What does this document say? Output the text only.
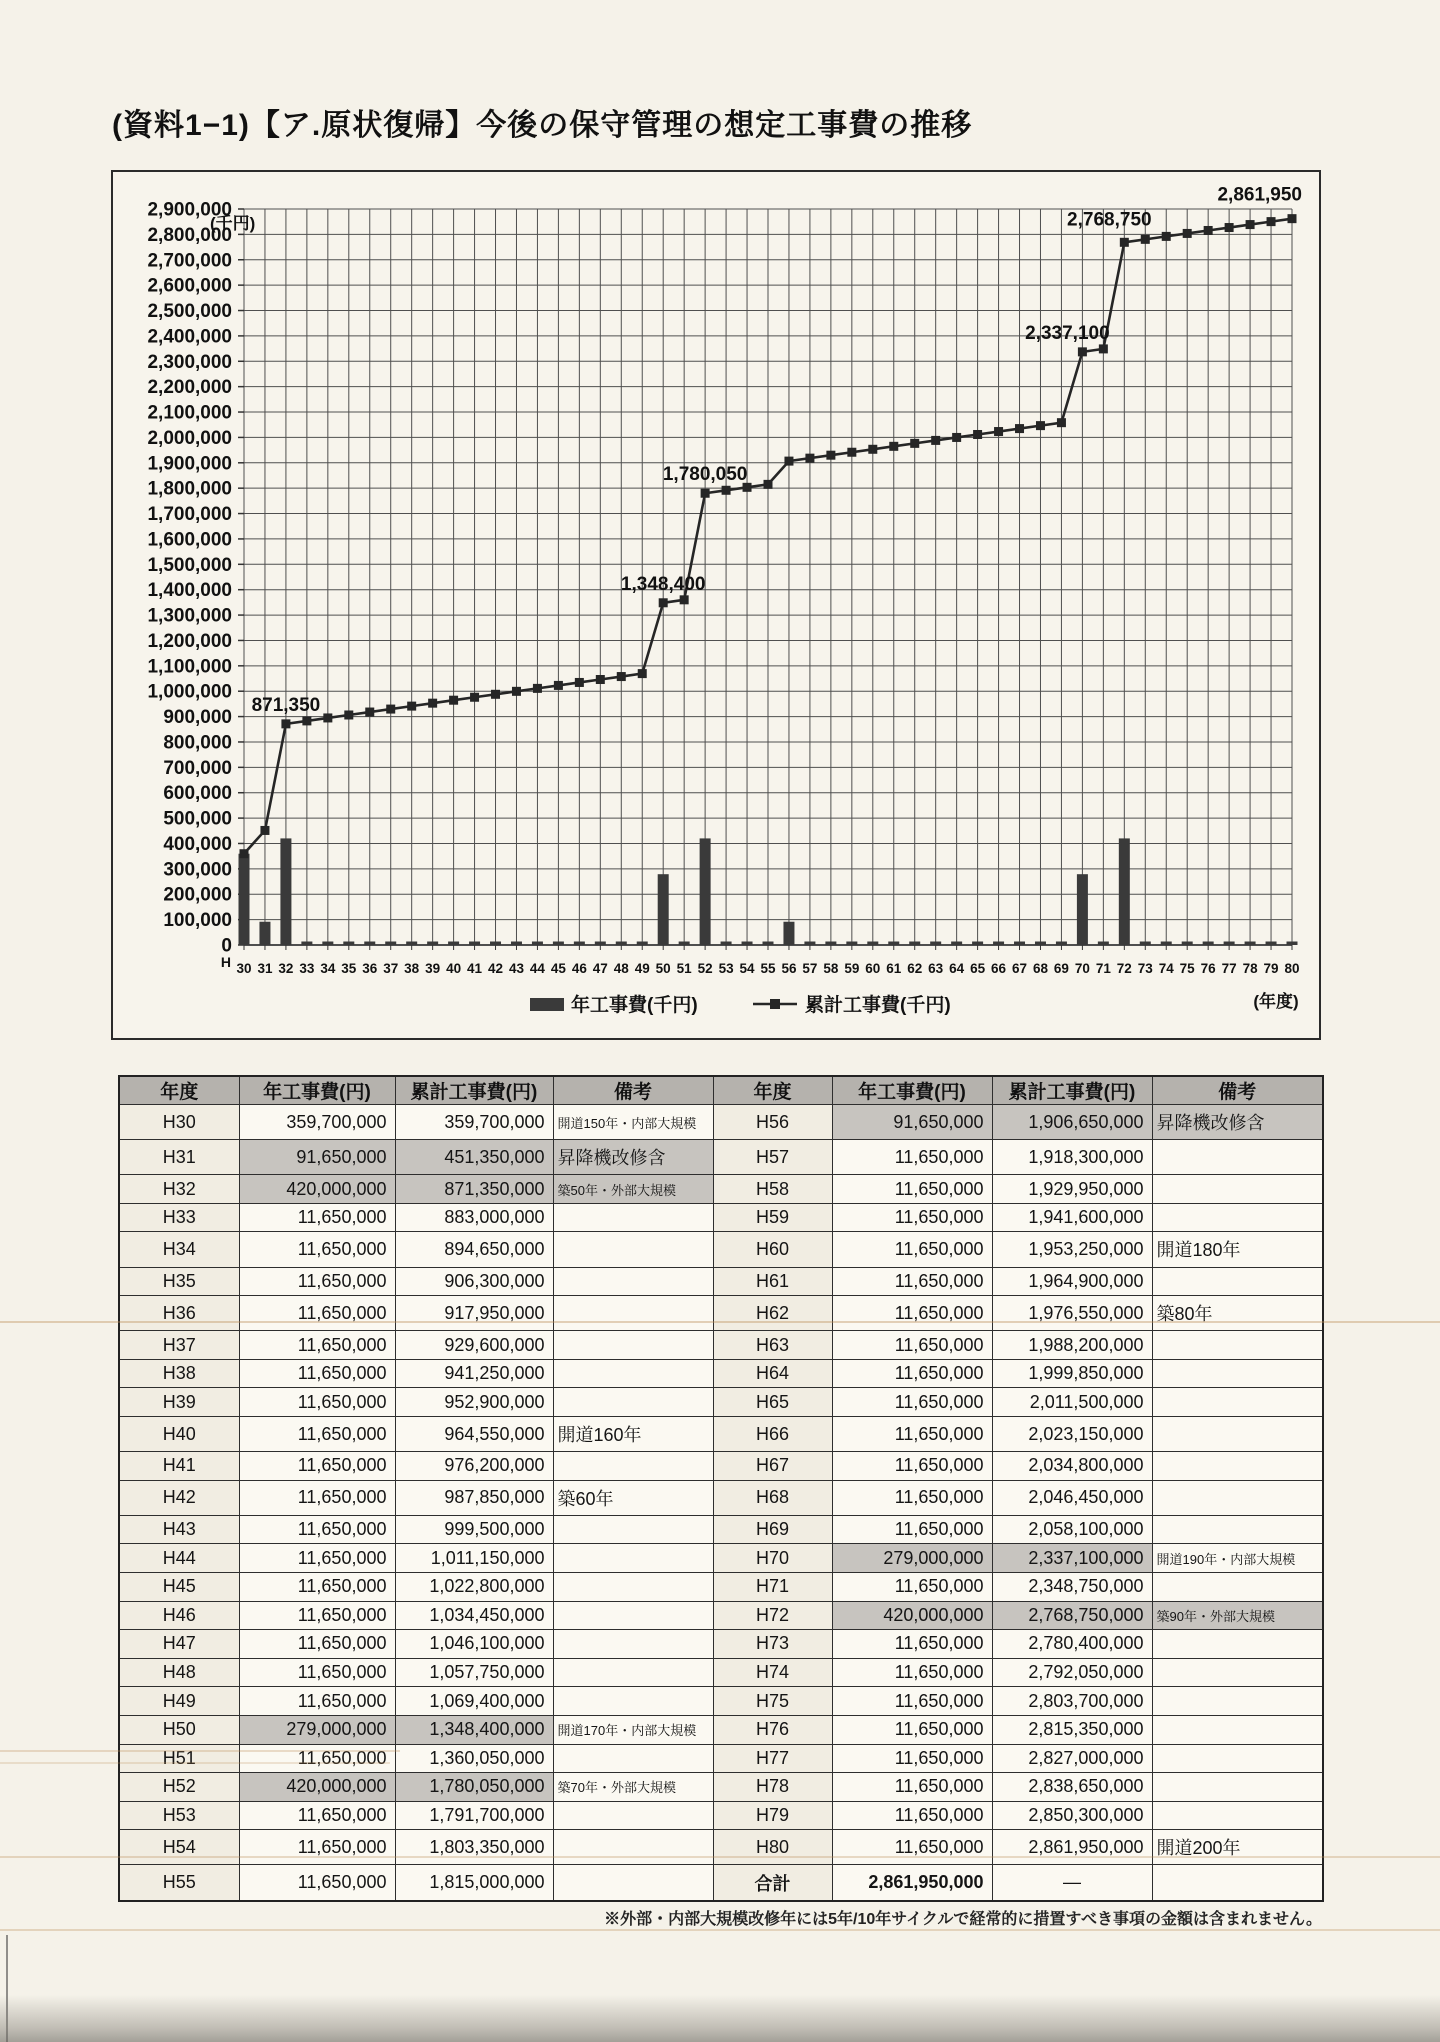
(資料1−1)【ア.原状復帰】今後の保守管理の想定工事費の推移
0
100,000
200,000
300,000
400,000
500,000
600,000
700,000
800,000
900,000
1,000,000
1,100,000
1,200,000
1,300,000
1,400,000
1,500,000
1,600,000
1,700,000
1,800,000
1,900,000
2,000,000
2,100,000
2,200,000
2,300,000
2,400,000
2,500,000
2,600,000
2,700,000
2,800,000
2,900,000
(千円)
30 31 32 33 34 35 36 37 38 39 40 41 42 43 44 45 46 47 48 49 50 51 52 53 54 55 56 57 58 59 60 61 62 63 64 65 66 67 68 69 70 71 72 73 74 75 76 77 78 79 80
H
(年度)
871,350
1,348,400
1,780,050
2,337,100
2,768,750
2,861,950
年工事費(千円)	累計工事費(千円)
年度	年工事費(円)	累計工事費(円)	備考	年度	年工事費(円)	累計工事費(円)	備考
H30	359,700,000	359,700,000	開道150年・内部大規模	H56	91,650,000	1,906,650,000	昇降機改修含
H31	91,650,000	451,350,000	昇降機改修含	H57	11,650,000	1,918,300,000	
H32	420,000,000	871,350,000	築50年・外部大規模	H58	11,650,000	1,929,950,000	
H33	11,650,000	883,000,000		H59	11,650,000	1,941,600,000	
H34	11,650,000	894,650,000		H60	11,650,000	1,953,250,000	開道180年
H35	11,650,000	906,300,000		H61	11,650,000	1,964,900,000	
H36	11,650,000	917,950,000		H62	11,650,000	1,976,550,000	築80年
H37	11,650,000	929,600,000		H63	11,650,000	1,988,200,000	
H38	11,650,000	941,250,000		H64	11,650,000	1,999,850,000	
H39	11,650,000	952,900,000		H65	11,650,000	2,011,500,000	
H40	11,650,000	964,550,000	開道160年	H66	11,650,000	2,023,150,000	
H41	11,650,000	976,200,000		H67	11,650,000	2,034,800,000	
H42	11,650,000	987,850,000	築60年	H68	11,650,000	2,046,450,000	
H43	11,650,000	999,500,000		H69	11,650,000	2,058,100,000	
H44	11,650,000	1,011,150,000		H70	279,000,000	2,337,100,000	開道190年・内部大規模
H45	11,650,000	1,022,800,000		H71	11,650,000	2,348,750,000	
H46	11,650,000	1,034,450,000		H72	420,000,000	2,768,750,000	築90年・外部大規模
H47	11,650,000	1,046,100,000		H73	11,650,000	2,780,400,000	
H48	11,650,000	1,057,750,000		H74	11,650,000	2,792,050,000	
H49	11,650,000	1,069,400,000		H75	11,650,000	2,803,700,000	
H50	279,000,000	1,348,400,000	開道170年・内部大規模	H76	11,650,000	2,815,350,000	
H51	11,650,000	1,360,050,000		H77	11,650,000	2,827,000,000	
H52	420,000,000	1,780,050,000	築70年・外部大規模	H78	11,650,000	2,838,650,000	
H53	11,650,000	1,791,700,000		H79	11,650,000	2,850,300,000	
H54	11,650,000	1,803,350,000		H80	11,650,000	2,861,950,000	開道200年
H55	11,650,000	1,815,000,000		合計	2,861,950,000	—	
※外部・内部大規模改修年には5年/10年サイクルで経常的に措置すべき事項の金額は含まれません。
